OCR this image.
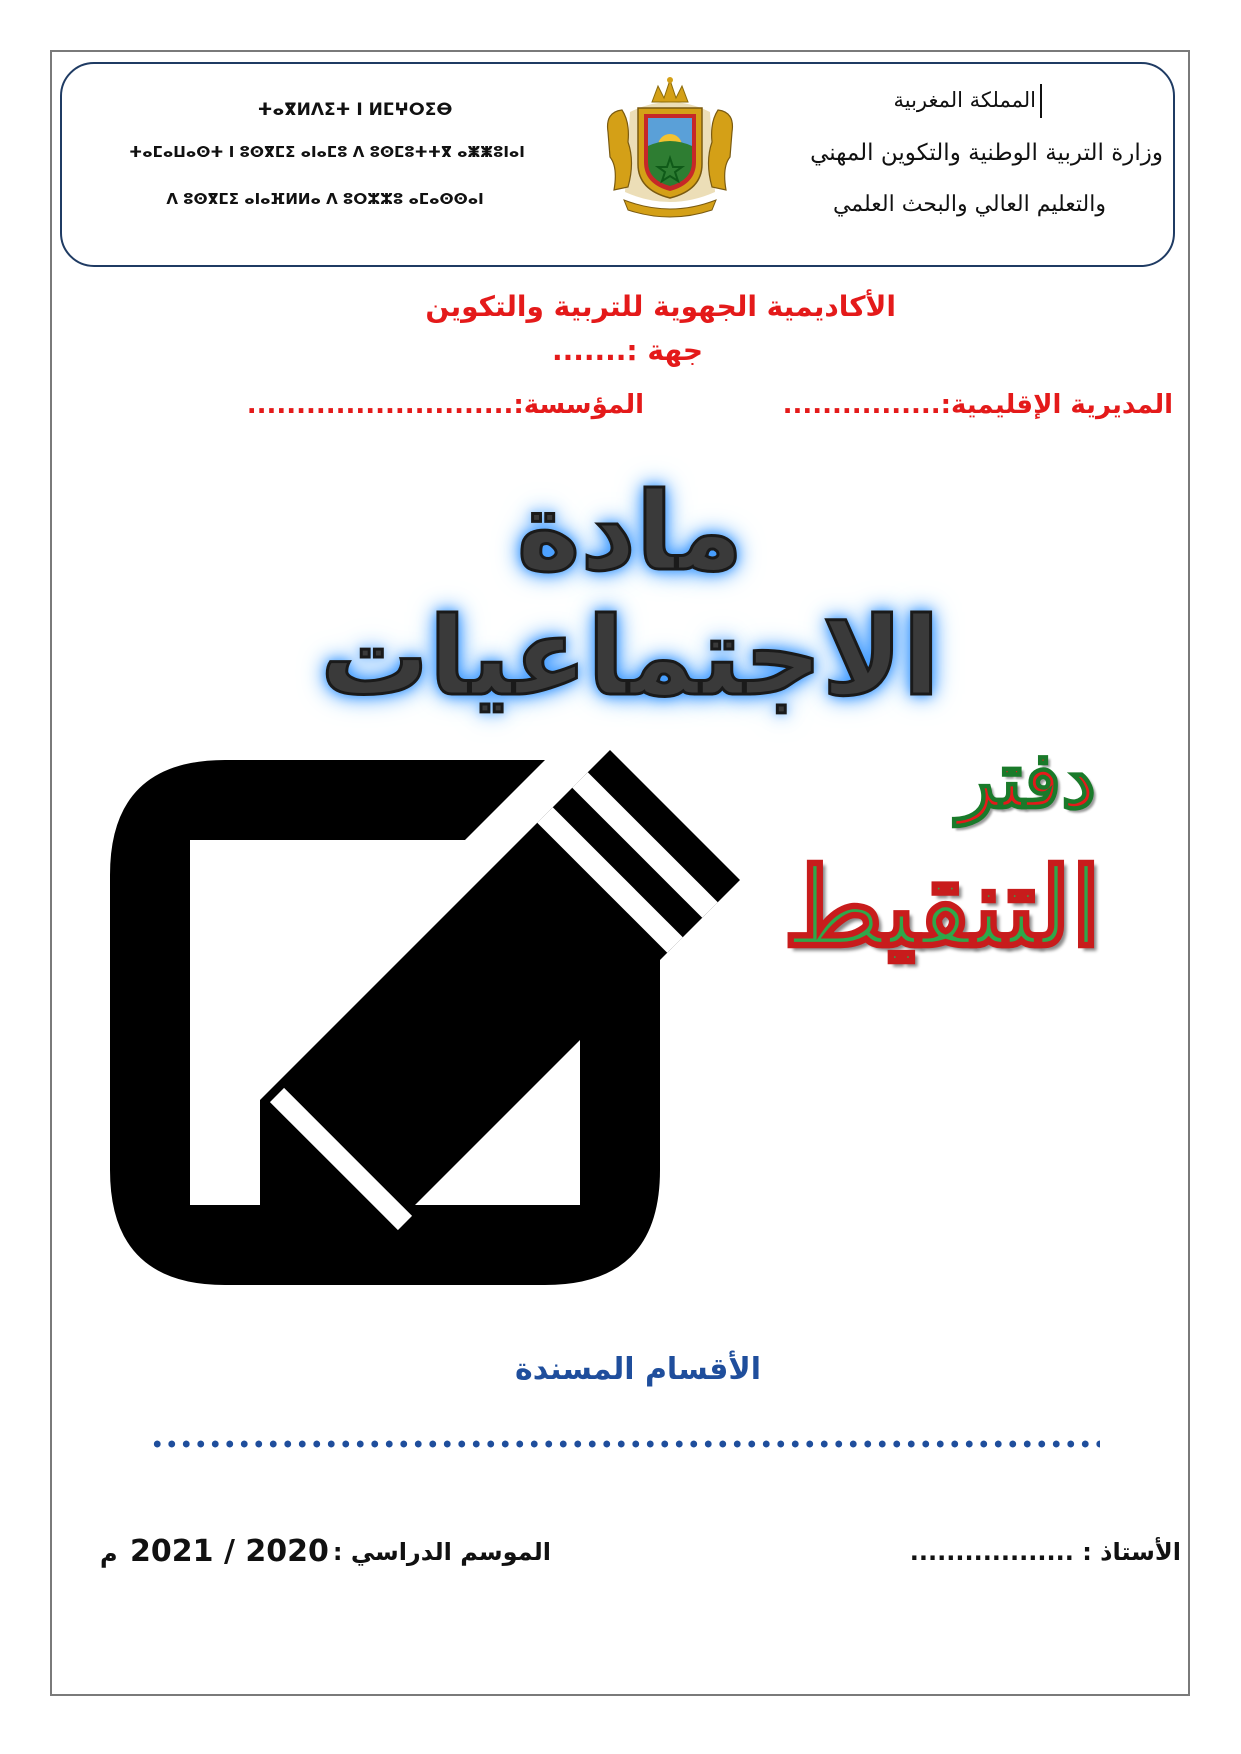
ⵜⴰⴳⵍⴷⵉⵜ ⵏ ⵍⵎⵖⵔⵉⴱ
ⵜⴰⵎⴰⵡⴰⵙⵜ ⵏ ⵓⵙⴳⵎⵉ ⴰⵏⴰⵎⵓ ⴷ ⵓⵙⵎⵓⵜⵜⴳ ⴰⵥⵥⵓⵏⴰⵏ
ⴷ ⵓⵙⴳⵎⵉ ⴰⵏⴰⴼⵍⵍⴰ ⴷ ⵓⵔⵣⵣⵓ ⴰⵎⴰⵙⵙⴰⵏ
المملكة المغربية
وزارة التربية الوطنية والتكوين المهني
والتعليم العالي والبحث العلمي
الأكاديمية الجهوية للتربية والتكوين
جهة :.......
المديرية الإقليمية:................
المؤسسة:...........................
مادة الاجتماعيات
دفتر
التنقيط
الأقسام المسندة
الأستاذ : ..................
الموسم الدراسي :
2021 / 2020
م
